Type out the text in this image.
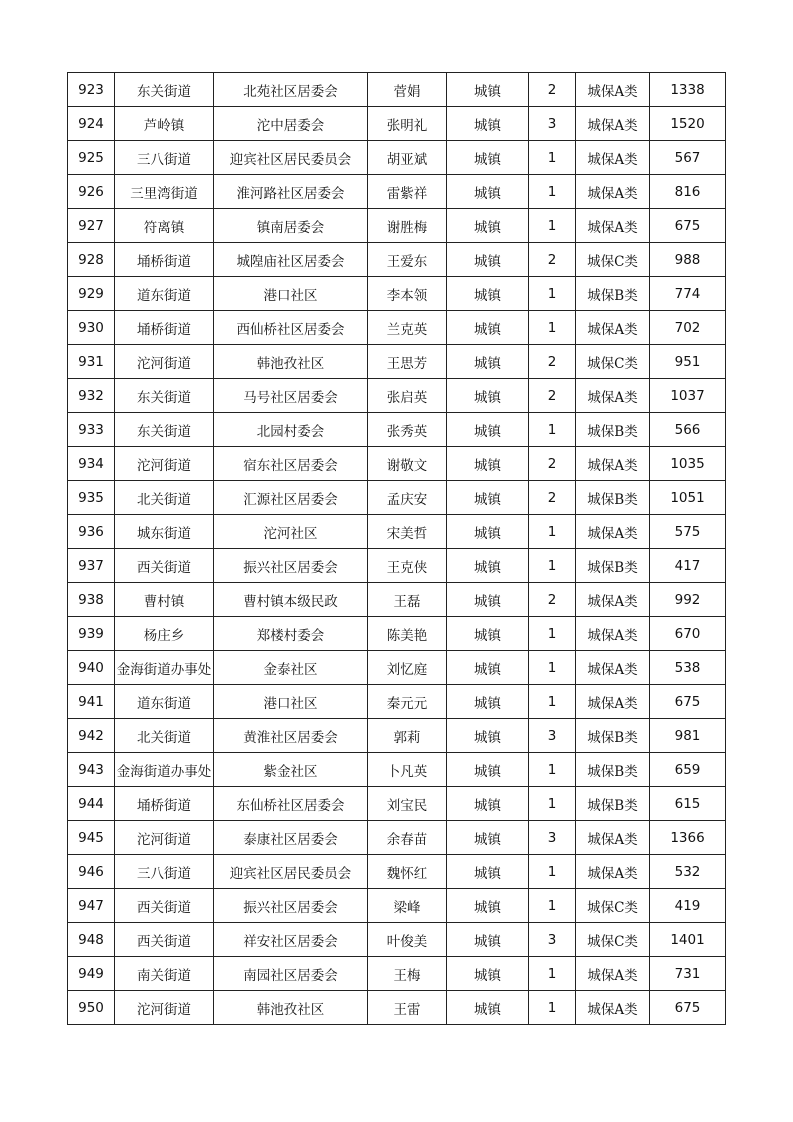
923	东关街道	北苑社区居委会	菅娟	城镇	2	城保A类	1338
924	芦岭镇	沱中居委会	张明礼	城镇	3	城保A类	1520
925	三八街道	迎宾社区居民委员会	胡亚斌	城镇	1	城保A类	567
926	三里湾街道	淮河路社区居委会	雷紫祥	城镇	1	城保A类	816
927	符离镇	镇南居委会	谢胜梅	城镇	1	城保A类	675
928	埇桥街道	城隍庙社区居委会	王爱东	城镇	2	城保C类	988
929	道东街道	港口社区	李本领	城镇	1	城保B类	774
930	埇桥街道	西仙桥社区居委会	兰克英	城镇	1	城保A类	702
931	沱河街道	韩池孜社区	王思芳	城镇	2	城保C类	951
932	东关街道	马号社区居委会	张启英	城镇	2	城保A类	1037
933	东关街道	北园村委会	张秀英	城镇	1	城保B类	566
934	沱河街道	宿东社区居委会	谢敬文	城镇	2	城保A类	1035
935	北关街道	汇源社区居委会	孟庆安	城镇	2	城保B类	1051
936	城东街道	沱河社区	宋美哲	城镇	1	城保A类	575
937	西关街道	振兴社区居委会	王克侠	城镇	1	城保B类	417
938	曹村镇	曹村镇本级民政	王磊	城镇	2	城保A类	992
939	杨庄乡	郑楼村委会	陈美艳	城镇	1	城保A类	670
940	金海街道办事处	金泰社区	刘忆庭	城镇	1	城保A类	538
941	道东街道	港口社区	秦元元	城镇	1	城保A类	675
942	北关街道	黄淮社区居委会	郭莉	城镇	3	城保B类	981
943	金海街道办事处	紫金社区	卜凡英	城镇	1	城保B类	659
944	埇桥街道	东仙桥社区居委会	刘宝民	城镇	1	城保B类	615
945	沱河街道	泰康社区居委会	余春苗	城镇	3	城保A类	1366
946	三八街道	迎宾社区居民委员会	魏怀红	城镇	1	城保A类	532
947	西关街道	振兴社区居委会	梁峰	城镇	1	城保C类	419
948	西关街道	祥安社区居委会	叶俊美	城镇	3	城保C类	1401
949	南关街道	南园社区居委会	王梅	城镇	1	城保A类	731
950	沱河街道	韩池孜社区	王雷	城镇	1	城保A类	675
